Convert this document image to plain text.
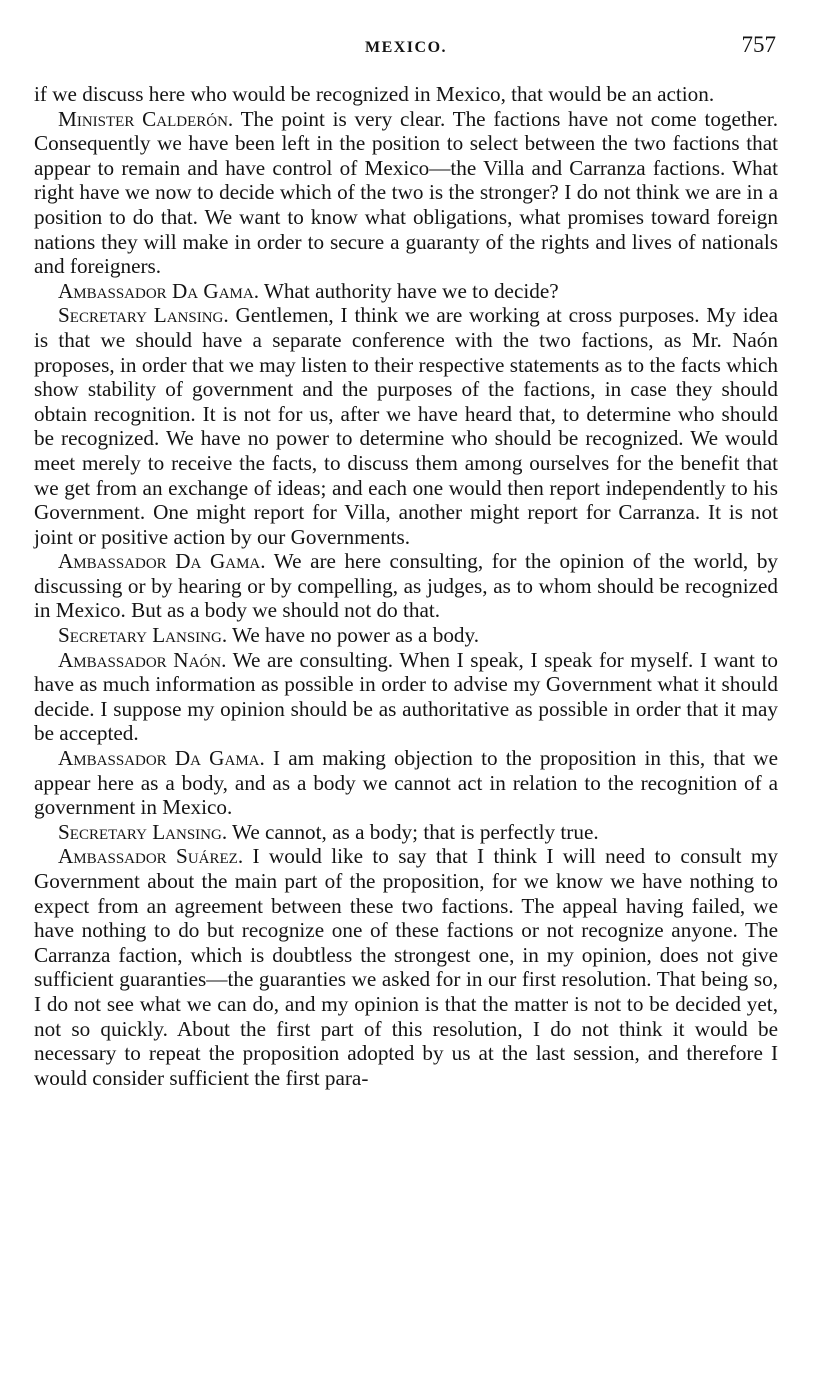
MEXICO.	757

if we discuss here who would be recognized in Mexico, that would be an action.

Minister Calderón. The point is very clear. The factions have not come together. Consequently we have been left in the position to select between the two factions that appear to remain and have control of Mexico—the Villa and Carranza factions. What right have we now to decide which of the two is the stronger? I do not think we are in a position to do that. We want to know what obligations, what promises toward foreign nations they will make in order to secure a guaranty of the rights and lives of nationals and foreigners.

Ambassador Da Gama. What authority have we to decide?

Secretary Lansing. Gentlemen, I think we are working at cross purposes. My idea is that we should have a separate conference with the two factions, as Mr. Naón proposes, in order that we may listen to their respective statements as to the facts which show stability of government and the purposes of the factions, in case they should obtain recognition. It is not for us, after we have heard that, to determine who should be recognized. We have no power to determine who should be recognized. We would meet merely to receive the facts, to discuss them among ourselves for the benefit that we get from an exchange of ideas; and each one would then report independently to his Government. One might report for Villa, another might report for Carranza. It is not joint or positive action by our Governments.

Ambassador Da Gama. We are here consulting, for the opinion of the world, by discussing or by hearing or by compelling, as judges, as to whom should be recognized in Mexico. But as a body we should not do that.

Secretary Lansing. We have no power as a body.

Ambassador Naón. We are consulting. When I speak, I speak for myself. I want to have as much information as possible in order to advise my Government what it should decide. I suppose my opinion should be as authoritative as possible in order that it may be accepted.

Ambassador Da Gama. I am making objection to the proposition in this, that we appear here as a body, and as a body we cannot act in relation to the recognition of a government in Mexico.

Secretary Lansing. We cannot, as a body; that is perfectly true.

Ambassador Suárez. I would like to say that I think I will need to consult my Government about the main part of the proposition, for we know we have nothing to expect from an agreement between these two factions. The appeal having failed, we have nothing to do but recognize one of these factions or not recognize anyone. The Carranza faction, which is doubtless the strongest one, in my opinion, does not give sufficient guaranties—the guaranties we asked for in our first resolution. That being so, I do not see what we can do, and my opinion is that the matter is not to be decided yet, not so quickly. About the first part of this resolution, I do not think it would be necessary to repeat the proposition adopted by us at the last session, and therefore I would consider sufficient the first para-
